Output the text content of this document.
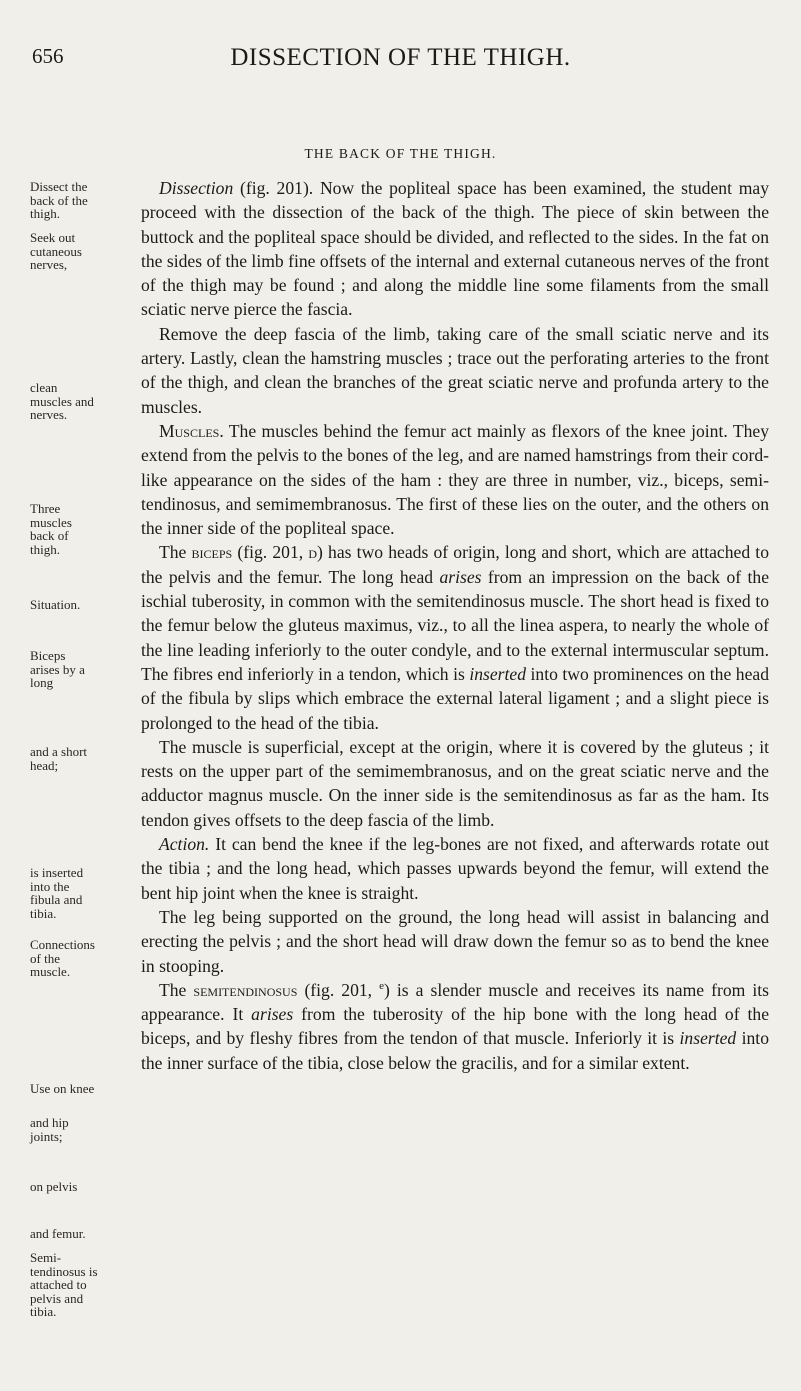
656	DISSECTION OF THE THIGH.
THE BACK OF THE THIGH.
Dissect the back of the thigh.
Seek out cutaneous nerves,
clean muscles and nerves.
Three muscles back of thigh.
Situation.
Biceps arises by a long
and a short head;
is inserted into the fibula and tibia.
Connections of the muscle.
Use on knee
and hip joints;
on pelvis
and femur.
Semi-tendinosus is attached to pelvis and tibia.

Dissection (fig. 201). Now the popliteal space has been examined, the student may proceed with the dissection of the back of the thigh. The piece of skin between the buttock and the popliteal space should be divided, and reflected to the sides. In the fat on the sides of the limb fine offsets of the internal and external cutaneous nerves of the front of the thigh may be found ; and along the middle line some filaments from the small sciatic nerve pierce the fascia.

Remove the deep fascia of the limb, taking care of the small sciatic nerve and its artery. Lastly, clean the hamstring muscles ; trace out the perforating arteries to the front of the thigh, and clean the branches of the great sciatic nerve and profunda artery to the muscles.

Muscles. The muscles behind the femur act mainly as flexors of the knee joint. They extend from the pelvis to the bones of the leg, and are named hamstrings from their cord-like appearance on the sides of the ham : they are three in number, viz., biceps, semi-tendinosus, and semimembranosus. The first of these lies on the outer, and the others on the inner side of the popliteal space.

The biceps (fig. 201, d) has two heads of origin, long and short, which are attached to the pelvis and the femur. The long head arises from an impression on the back of the ischial tuberosity, in common with the semitendinosus muscle. The short head is fixed to the femur below the gluteus maximus, viz., to all the linea aspera, to nearly the whole of the line leading inferiorly to the outer condyle, and to the external intermuscular septum. The fibres end inferiorly in a tendon, which is inserted into two prominences on the head of the fibula by slips which embrace the external lateral ligament ; and a slight piece is prolonged to the head of the tibia.

The muscle is superficial, except at the origin, where it is covered by the gluteus ; it rests on the upper part of the semimembranosus, and on the great sciatic nerve and the adductor magnus muscle. On the inner side is the semitendinosus as far as the ham. Its tendon gives offsets to the deep fascia of the limb.

Action. It can bend the knee if the leg-bones are not fixed, and afterwards rotate out the tibia ; and the long head, which passes upwards beyond the femur, will extend the bent hip joint when the knee is straight.

The leg being supported on the ground, the long head will assist in balancing and erecting the pelvis ; and the short head will draw down the femur so as to bend the knee in stooping.

The semitendinosus (fig. 201, $^e$) is a slender muscle and receives its name from its appearance. It arises from the tuberosity of the hip bone with the long head of the biceps, and by fleshy fibres from the tendon of that muscle. Inferiorly it is inserted into the inner surface of the tibia, close below the gracilis, and for a similar extent.
